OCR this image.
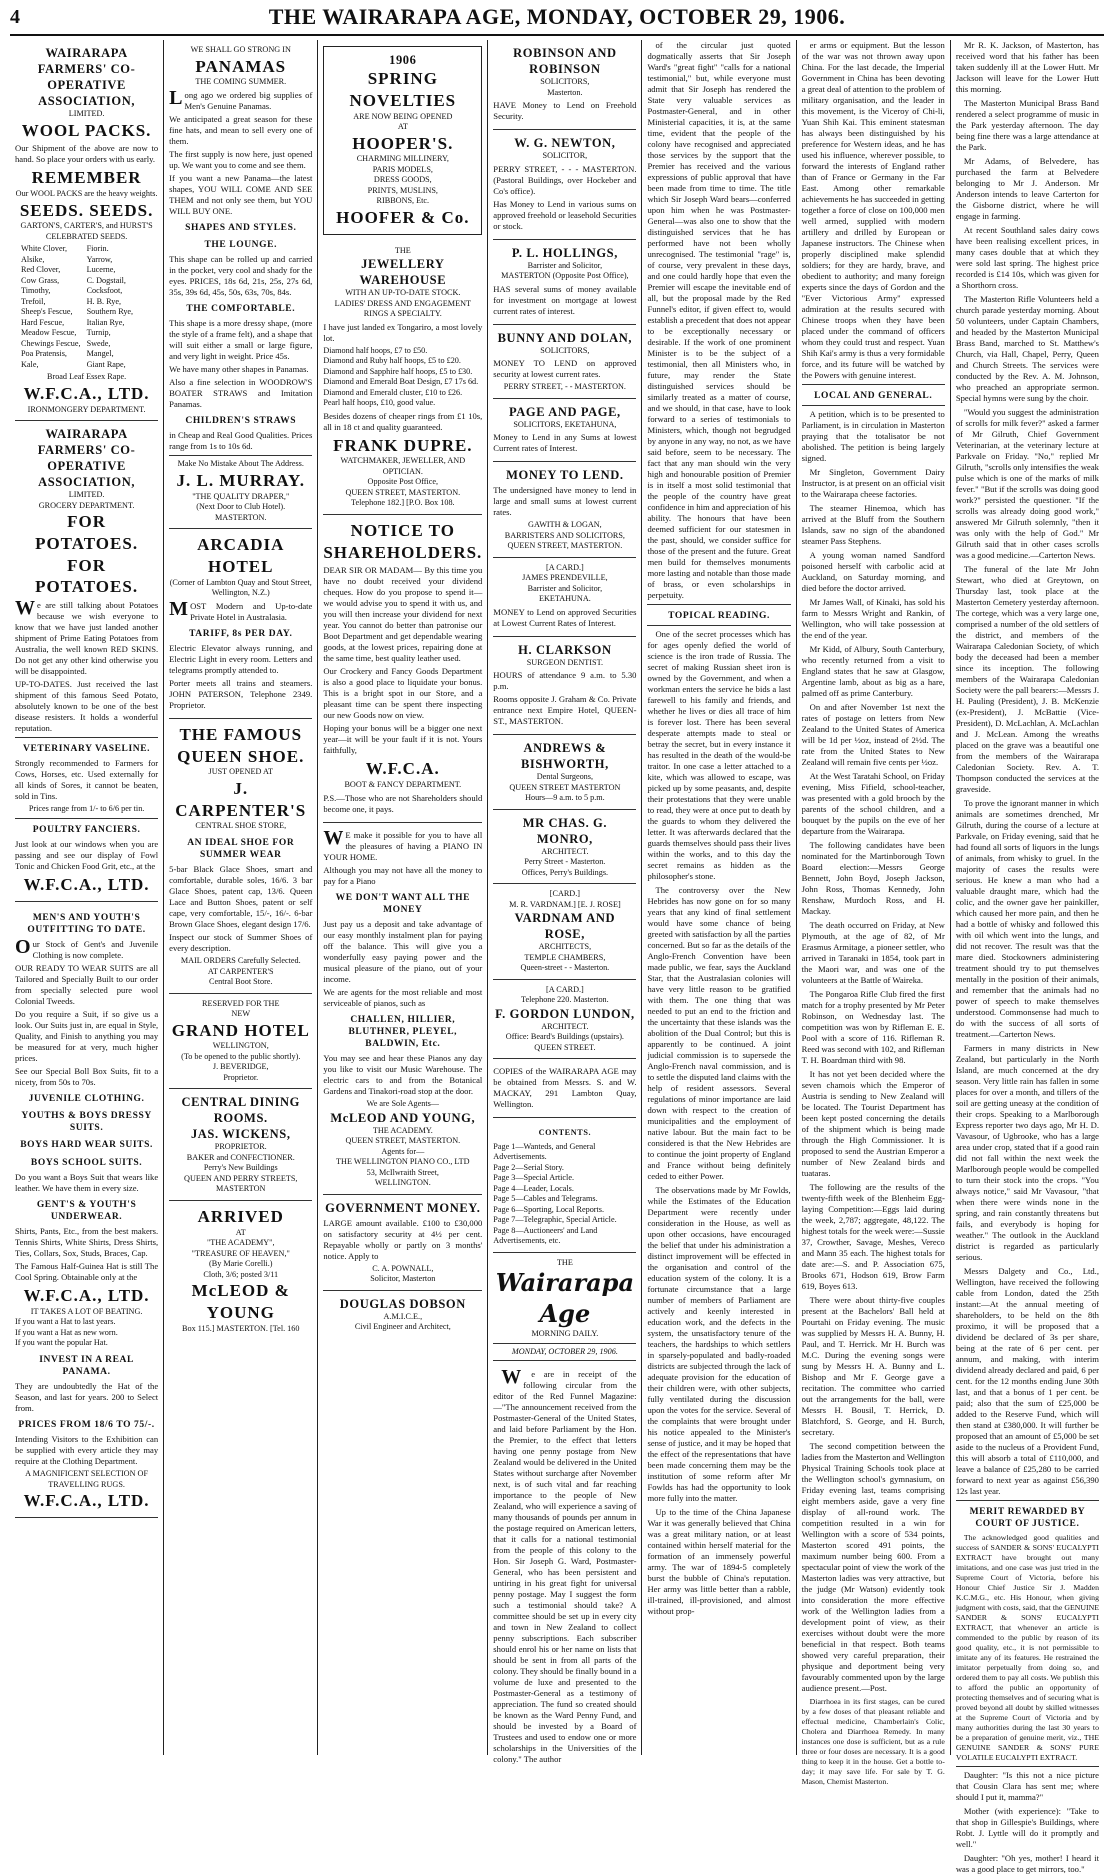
4	THE WAIRARAPA AGE, MONDAY, OCTOBER 29, 1906.
WAIRARAPA FARMERS' CO-OPERATIVE ASSOCIATION,
LIMITED.
WOOL PACKS.
Our Shipment of the above are now to hand. So place your orders with us early.
REMEMBER
Our WOOL PACKS are the heavy weights.
SEEDS. SEEDS.
GARTON'S, CARTER'S, and HURST'S CELEBRATED SEEDS.
White Clover,	Fiorin.
Alsike,	Yarrow,
Red Clover,	Lucerne,
Cow Grass,	C. Dogstail,
Timothy,	Cocksfoot,
Trefoil,	H. B. Rye,
Sheep's Fescue,	Southern Rye,
Hard Fescue,	Italian Rye,
Meadow Fescue,	Turnip,
Chewings Fescue, Swede,
Poa Pratensis,	Mangel,
Kale,	Giant Rape,
Broad Leaf Essex Rape.
W.F.C.A., LTD.
IRONMONGERY DEPARTMENT.
WAIRARAPA FARMERS' CO-OPERATIVE ASSOCIATION,
LIMITED.
GROCERY DEPARTMENT.
FOR POTATOES.
FOR POTATOES.
We are still talking about Potatoes because we wish everyone to know that we have just landed another shipment of Prime Eating Potatoes from Australia, the well known RED SKINS. Do not get any other kind otherwise you will be disappointed.
UP-TO-DATES. Just received the last shipment of this famous Seed Potato, absolutely known to be one of the best disease resisters. It holds a wonderful reputation.
VETERINARY VASELINE.
Strongly recommended to Farmers for Cows, Horses, etc. Used externally for all kinds of Sores, it cannot be beaten, sold in Tins.
Prices range from 1/- to 6/6 per tin.
POULTRY FANCIERS.
Just look at our windows when you are passing and see our display of Fowl Tonic and Chicken Food Grit, etc., at the
W.F.C.A., LTD.
MEN'S AND YOUTH'S OUTFITTING TO DATE.
Our Stock of Gent's and Juvenile Clothing is now complete.
OUR READY TO WEAR SUITS are all Tailored and Specially Built to our order from specially selected pure wool Colonial Tweeds.
Do you require a Suit, if so give us a look. Our Suits just in, are equal in Style, Quality, and Finish to anything you may be measured for at very, much higher prices.
See our Special Boll Box Suits, fit to a nicety, from 50s to 70s.
JUVENILE CLOTHING.
YOUTHS & BOYS DRESSY SUITS.
BOYS HARD WEAR SUITS.
BOYS SCHOOL SUITS.
Do you want a Boys Suit that wears like leather. We have them in every size.
GENT'S & YOUTH'S UNDERWEAR.
Shirts, Pants, Etc., from the best makers. Tennis Shirts, White Shirts, Dress Shirts, Ties, Collars, Sox, Studs, Braces, Cap.
The Famous Half-Guinea Hat is still The Cool Spring. Obtainable only at the
W.F.C.A., LTD.
IT TAKES A LOT OF BEATING.
If you want a Hat to last years.
If you want a Hat as new worn.
If you want the popular Hat.
INVEST IN A REAL PANAMA.
They are undoubtedly the Hat of the Season, and last for years. 200 to Select from.
PRICES FROM 18/6 TO 75/-.
Intending Visitors to the Exhibition can be supplied with every article they may require at the Clothing Department.
A MAGNIFICENT SELECTION OF TRAVELLING RUGS.
W.F.C.A., LTD.
WE SHALL GO STRONG IN
PANAMAS
THE COMING SUMMER.
Long ago we ordered big supplies of Men's Genuine Panamas.
We anticipated a great season for these fine hats, and mean to sell every one of them.
The first supply is now here, just opened up. We want you to come and see them.
If you want a new Panama—the latest shapes, YOU WILL COME AND SEE THEM and not only see them, but YOU WILL BUY ONE.
SHAPES AND STYLES.
THE LOUNGE.
This shape can be rolled up and carried in the pocket, very cool and shady for the eyes. PRICES, 18s 6d, 21s, 25s, 27s 6d, 35s, 39s 6d, 45s, 50s, 63s, 70s, 84s.
THE COMFORTABLE.
This shape is a more dressy shape, (more the style of a frame felt), and a shape that will suit either a small or large figure, and very light in weight. Price 45s.
We have many other shapes in Panamas.
Also a fine selection in WOODROW'S BOATER STRAWS and Imitation Panamas.
CHILDREN'S STRAWS
in Cheap and Real Good Qualities. Prices range from 1s to 10s 6d.
Make No Mistake About The Address.
J. L. MURRAY.
"THE QUALITY DRAPER,"
(Next Door to Club Hotel).
MASTERTON.
ARCADIA HOTEL
(Corner of Lambton Quay and Stout Street, Wellington, N.Z.)
MOST Modern and Up-to-date Private Hotel in Australasia.
TARIFF, 8s PER DAY.
Electric Elevator always running, and Electric Light in every room. Letters and telegrams promptly attended to.
Porter meets all trains and steamers. JOHN PATERSON, Telephone 2349. Proprietor.
THE FAMOUS QUEEN SHOE.
JUST OPENED AT
J. CARPENTER'S
CENTRAL SHOE STORE,
AN IDEAL SHOE FOR SUMMER WEAR
5-bar Black Glace Shoes, smart and comfortable, durable soles, 16/6. 3 bar Glace Shoes, patent cap, 13/6. Queen Lace and Button Shoes, patent or self cape, very comfortable, 15/-, 16/-. 6-bar Brown Glace Shoes, elegant design 17/6.
Inspect our stock of Summer Shoes of every description.
MAIL ORDERS Carefully Selected.
AT CARPENTER'S
Central Boot Store.
RESERVED FOR THE
NEW
GRAND HOTEL
WELLINGTON,
(To be opened to the public shortly).
J. BEVERIDGE,
Proprietor.
CENTRAL DINING ROOMS.
JAS. WICKENS,
PROPRIETOR.
BAKER and CONFECTIONER.
Perry's New Buildings
QUEEN AND PERRY STREETS,
MASTERTON
ARRIVED
AT
"THE ACADEMY",
"TREASURE OF HEAVEN,"
(By Marie Corelli.)
Cloth, 3/6; posted 3/11
McLEOD & YOUNG
Box 115.] MASTERTON. [Tel. 160
1906
SPRING
NOVELTIES
ARE NOW BEING OPENED
AT
HOOPER'S.
CHARMING MILLINERY,
PARIS MODELS,
DRESS GOODS,
PRINTS, MUSLINS,
RIBBONS, Etc.
HOOFER & Co.
THE
JEWELLERY WAREHOUSE
WITH AN UP-TO-DATE STOCK.
LADIES' DRESS AND ENGAGEMENT RINGS A SPECIALTY.
I have just landed ex Tongariro, a most lovely lot.
Diamond half hoops, £7 to £50.
Diamond and Ruby half hoops, £5 to £20.
Diamond and Sapphire half hoops, £5 to £30.
Diamond and Emerald Boat Design, £7 17s 6d.
Diamond and Emerald cluster, £10 to £26.
Pearl half hoops, £10, good value.
Besides dozens of cheaper rings from £1 10s, all in 18 ct and quality guaranteed.
FRANK DUPRE.
WATCHMAKER, JEWELLER, AND OPTICIAN.
Opposite Post Office,
QUEEN STREET, MASTERTON.
Telephone 182.] [P.O. Box 108.
NOTICE TO SHAREHOLDERS.
DEAR SIR OR MADAM— By this time you have no doubt received your dividend cheques. How do you propose to spend it—we would advise you to spend it with us, and you will then increase your dividend for next year. You cannot do better than patronise our Boot Department and get dependable wearing goods, at the lowest prices, repairing done at the same time, best quality leather used.
Our Crockery and Fancy Goods Department is also a good place to liquidate your bonus. This is a bright spot in our Store, and a pleasant time can be spent there inspecting our new Goods now on view.
Hoping your bonus will be a bigger one next year—it will be your fault if it is not. Yours faithfully,
W.F.C.A.
BOOT & FANCY DEPARTMENT.
P.S.—Those who are not Shareholders should become one, it pays.
WE make it possible for you to have all the pleasures of having a PIANO IN YOUR HOME.
Although you may not have all the money to pay for a Piano
WE DON'T WANT ALL THE MONEY
Just pay us a deposit and take advantage of our easy monthly instalment plan for paying off the balance. This will give you a wonderfully easy paying power and the musical pleasure of the piano, out of your income.
We are agents for the most reliable and most serviceable of pianos, such as
CHALLEN, HILLIER, BLUTHNER, PLEYEL, BALDWIN, Etc.
You may see and hear these Pianos any day you like to visit our Music Warehouse. The electric cars to and from the Botanical Gardens and Tinakori-road stop at the door.
We are Sole Agents—
McLEOD AND YOUNG,
THE ACADEMY.
QUEEN STREET, MASTERTON.
Agents for—
THE WELLINGTON PIANO CO., LTD
53, McIlwraith Street,
WELLINGTON.
GOVERNMENT MONEY.
LARGE amount available. £100 to £30,000 on satisfactory security at 4½ per cent. Repayable wholly or partly on 3 months' notice. Apply to
C. A. POWNALL,
Solicitor, Masterton
DOUGLAS DOBSON
A.M.I.C.E.,
Civil Engineer and Architect,
ROBINSON AND ROBINSON
SOLICITORS,
Masterton.
HAVE Money to Lend on Freehold Security.
W. G. NEWTON,
SOLICITOR,
PERRY STREET, - - - MASTERTON. (Pastoral Buildings, over Hockeber and Co's office).
Has Money to Lend in various sums on approved freehold or leasehold Securities or stock.
P. L. HOLLINGS,
Barrister and Solicitor,
MASTERTON (Opposite Post Office),
HAS several sums of money available for investment on mortgage at lowest current rates of interest.
BUNNY AND DOLAN,
SOLICITORS,
MONEY TO LEND on approved security at lowest current rates.
PERRY STREET, - - MASTERTON.
PAGE AND PAGE,
SOLICITORS, EKETAHUNA,
Money to Lend in any Sums at lowest Current rates of Interest.
MONEY TO LEND.
The undersigned have money to lend in large and small sums at lowest current rates.
GAWITH & LOGAN,
BARRISTERS AND SOLICITORS,
QUEEN STREET, MASTERTON.
[A CARD.]
JAMES PRENDEVILLE,
Barrister and Solicitor,
EKETAHUNA.
MONEY to Lend on approved Securities at Lowest Current Rates of Interest.
H. CLARKSON
SURGEON DENTIST.
HOURS of attendance 9 a.m. to 5.30 p.m.
Rooms opposite J. Graham & Co. Private entrance next Empire Hotel, QUEEN-ST., MASTERTON.
ANDREWS & BISHWORTH,
Dental Surgeons,
QUEEN STREET MASTERTON
Hours—9 a.m. to 5 p.m.
MR CHAS. G. MONRO,
ARCHITECT.
Perry Street - Masterton.
Offices, Perry's Buildings.
[CARD.]
M. R. VARDNAM.] [E. J. ROSE]
VARDNAM AND ROSE,
ARCHITECTS,
TEMPLE CHAMBERS,
Queen-street - - Masterton.
[A CARD.]
Telephone 220. Masterton.
F. GORDON LUNDON,
ARCHITECT.
Office: Beard's Buildings (upstairs).
QUEEN STREET.
COPIES of the WAIRARAPA AGE may be obtained from Messrs. S. and W. MACKAY, 291 Lambton Quay, Wellington.
CONTENTS.
Page 1—Wanteds, and General Advertisements.
Page 2—Serial Story.
Page 3—Special Article.
Page 4—Leader, Locals.
Page 5—Cables and Telegrams.
Page 6—Sporting, Local Reports.
Page 7—Telegraphic, Special Article.
Page 8—Auctioneers' and Land Advertisements, etc.
THE
Wairarapa Age
MORNING DAILY.
MONDAY, OCTOBER 29, 1906.

We are in receipt of the following circular from the editor of the Red Funnel Magazine:—"The announcement received from the Postmaster-General of the United States, and laid before Parliament by the Hon. the Premier, to the effect that letters having one penny postage from New Zealand would be delivered in the United States without surcharge after November next, is of such vital and far reaching importance to the people of New Zealand, who will experience a saving of many thousands of pounds per annum in the postage required on American letters, that it calls for a national testimonial from the people of this colony to the Hon. Sir Joseph G. Ward, Postmaster-General, who has been persistent and untiring in his great fight for universal penny postage. May I suggest the form such a testimonial should take? A committee should be set up in every city and town in New Zealand to collect penny subscriptions. Each subscriber should enrol his or her name on lists that should be sent in from all parts of the colony. They should be finally bound in a volume de luxe and presented to the Postmaster-General as a testimony of appreciation. The fund so created should be known as the Ward Penny Fund, and should be invested by a Board of Trustees and used to endow one or more scholarships in the Universities of the colony." The author

of the circular just quoted dogmatically asserts that Sir Joseph Ward's "great fight" "calls for a national testimonial," but, while everyone must admit that Sir Joseph has rendered the State very valuable services as Postmaster-General, and in other Ministerial capacities, it is, at the same time, evident that the people of the colony have recognised and appreciated those services by the support that the Premier has received and the various expressions of public approval that have been made from time to time. The title which Sir Joseph Ward bears—conferred upon him when he was Postmaster-General—was also one to show that the distinguished services that he has performed have not been wholly unrecognised. The testimonial "rage" is, of course, very prevalent in these days, and one could hardly hope that even the Premier will escape the inevitable end of all, but the proposal made by the Red Funnel's editor, if given effect to, would establish a precedent that does not appear to be exceptionally necessary or desirable. If the work of one prominent Minister is to be the subject of a testimonial, then all Ministers who, in future, may render the State distinguished services should be similarly treated as a matter of course, and we should, in that case, have to look forward to a series of testimonials to Ministers, which, though not begrudged by anyone in any way, no not, as we have said before, seem to be necessary. The fact that any man should win the very high and honourable position of Premier is in itself a most solid testimonial that the people of the country have great confidence in him and appreciation of his ability. The honours that have been deemed sufficient for our statesmen in the past, should, we consider suffice for those of the present and the future. Great men build for themselves monuments more lasting and notable than those made of brass, or even scholarships in perpetuity.

TOPICAL READING.

One of the secret processes which has for ages openly defied the world of science is the iron trade of Russia. The secret of making Russian sheet iron is owned by the Government, and when a workman enters the service he bids a last farewell to his family and friends, and whether he lives or dies all trace of him is forever lost. There has been several desperate attempts made to steal or betray the secret, but in every instance it has resulted in the death of the would-be traitor. In one case a letter attached to a kite, which was allowed to escape, was picked up by some peasants, and, despite their protestations that they were unable to read, they were at once put to death by the guards to whom they delivered the letter. It was afterwards declared that the guards themselves should pass their lives within the works, and to this day the secret remains as hidden as the philosopher's stone.

The controversy over the New Hebrides has now gone on for so many years that any kind of final settlement would have some chance of being greeted with satisfaction by all the parties concerned. But so far as the details of the Anglo-French Convention have been made public, we fear, says the Auckland Star, that the Australasian colonies will have very little reason to be gratified with them. The one thing that was needed to put an end to the friction and the uncertainty that these islands was the abolition of the Dual Control; but this is apparently to be continued. A joint judicial commission is to supersede the Anglo-French naval commission, and is to settle the disputed land claims with the help of resident assessors. Several regulations of minor importance are laid down with respect to the creation of municipalities and the employment of native labour. But the main fact to be considered is that the New Hebrides are to continue the joint property of England and France without being definitely ceded to either Power.

The observations made by Mr Fowlds, while the Estimates of the Education Department were recently under consideration in the House, as well as upon other occasions, have encouraged the belief that under his administration a distinct improvement will be effected in the organisation and control of the education system of the colony. It is a fortunate circumstance that a large number of members of Parliament are actively and keenly interested in education work, and the defects in the system, the unsatisfactory tenure of the teachers, the hardships to which settlers in sparsely-populated and badly-roaded districts are subjected through the lack of adequate provision for the education of their children were, with other subjects, fully ventilated during the discussion upon the votes for the service. Several of the complaints that were brought under his notice appealed to the Minister's sense of justice, and it may be hoped that the effect of the representations that have been made concerning them may be the institution of some reform after Mr Fowlds has had the opportunity to look more fully into the matter.

Up to the time of the China Japanese War it was generally believed that China was a great military nation, or at least contained within herself material for the formation of an immensely powerful army. The war of 1894-5 completely burst the bubble of China's reputation. Her army was little better than a rabble, ill-trained, ill-provisioned, and almost without prop-

er arms or equipment. But the lesson of the war was not thrown away upon China. For the last decade, the Imperial Government in China has been devoting a great deal of attention to the problem of military organisation, and the leader in this movement, is the Viceroy of Chi-li, Yuan Shih Kai. This eminent statesman has always been distinguished by his preference for Western ideas, and he has used his influence, wherever possible, to forward the interests of England rather than of France or Germany in the Far East. Among other remarkable achievements he has succeeded in getting together a force of close on 100,000 men well armed, supplied with modern artillery and drilled by European or Japanese instructors. The Chinese when properly disciplined make splendid soldiers; for they are hardy, brave, and obedient to authority; and many foreign experts since the days of Gordon and the "Ever Victorious Army" expressed admiration at the results secured with Chinese troops when they have been placed under the command of officers whom they could trust and respect. Yuan Shih Kai's army is thus a very formidable force, and its future will be watched by the Powers with genuine interest.

LOCAL AND GENERAL.

A petition, which is to be presented to Parliament, is in circulation in Masterton praying that the totalisator be not abolished. The petition is being largely signed.

Mr Singleton, Government Dairy Instructor, is at present on an official visit to the Wairarapa cheese factories.

The steamer Hinemoa, which has arrived at the Bluff from the Southern Islands, saw no sign of the abandoned steamer Pass Stephens.

A young woman named Sandford poisoned herself with carbolic acid at Auckland, on Saturday morning, and died before the doctor arrived.

Mr James Wall, of Kinaki, has sold his farm to Messrs Wright and Rankin, of Wellington, who will take possession at the end of the year.

Mr Kidd, of Albury, South Canterbury, who recently returned from a visit to England states that he saw at Glasgow, Argentine lamb, about as big as a hare, palmed off as prime Canterbury.

On and after November 1st next the rates of postage on letters from New Zealand to the United States of America will be 1d per ½oz, instead of 2½d. The rate from the United States to New Zealand will remain five cents per ½oz.

At the West Taratahi School, on Friday evening, Miss Fifield, school-teacher, was presented with a gold brooch by the parents of the school children, and a bouquet by the pupils on the eve of her departure from the Wairarapa.

The following candidates have been nominated for the Martinborough Town Board election:—Messrs George Bennett, John Boyd, Joseph Jackson, John Ross, Thomas Kennedy, John Renshaw, Murdoch Ross, and H. Mackay.

The death occurred on Friday, at New Plymouth, at the age of 82, of Mr Erasmus Armitage, a pioneer settler, who arrived in Taranaki in 1854, took part in the Maori war, and was one of the volunteers at the Battle of Waireka.

The Pongaroa Rifle Club fired the first match for a trophy presented by Mr Peter Robinson, on Wednesday last. The competition was won by Rifleman E. E. Pool with a score of 116. Rifleman R. Reed was second with 102, and Rifleman T. H. Boardman third with 98.

It has not yet been decided where the seven chamois which the Emperor of Austria is sending to New Zealand will be located. The Tourist Department has been kept posted concerning the details of the shipment which is being made through the High Commissioner. It is proposed to send the Austrian Emperor a number of New Zealand birds and tuataras.

The following are the results of the twenty-fifth week of the Blenheim Egg-laying Competition:—Eggs laid during the week, 2,787; aggregate, 48,122. The highest totals for the week were:—Sussie 37, Crowther, Savage, Meshes, Vereco and Mann 35 each. The highest totals for date are:—S. and P. Association 675, Brooks 671, Hodson 619, Brow Farm 619, Boyes 613.

There were about thirty-five couples present at the Bachelors' Ball held at Pourtahi on Friday evening. The music was supplied by Messrs H. A. Bunny, H. Paul, and T. Herrick. Mr H. Burch was M.C. During the evening songs were sung by Messrs H. A. Bunny and L. Bishop and Mr F. George gave a recitation. The committee who carried out the arrangements for the ball, were Messrs H. Bousil, T. Herrick, D. Blatchford, S. George, and H. Burch, secretary.

The second competition between the ladies from the Masterton and Wellington Physical Training Schools took place at the Wellington school's gymnasium, on Friday evening last, teams comprising eight members aside, gave a very fine display of all-round work. The competition resulted in a win for Wellington with a score of 534 points, Masterton scored 491 points, the maximum number being 600. From a spectacular point of view the work of the Masterton ladies was very attractive, but the judge (Mr Watson) evidently took into consideration the more effective work of the Wellington ladies from a development point of view, as their exercises without doubt were the more beneficial in that respect. Both teams showed very careful preparation, their physique and deportment being very favourably commented upon by the large audience present.—Post.

Diarrhoea in its first stages, can be cured by a few doses of that pleasant reliable and effectual medicine, Chamberlain's Colic, Cholera and Diarrhoea Remedy. In many instances one dose is sufficient, but as a rule three or four doses are necessary. It is a good thing to keep it in the house. Get a bottle to-day; it may save life. For sale by T. G. Mason, Chemist Masterton.

Mr R. K. Jackson, of Masterton, has received word that his father has been taken suddenly ill at the Lower Hutt. Mr Jackson will leave for the Lower Hutt this morning.

The Masterton Municipal Brass Band rendered a select programme of music in the Park yesterday afternoon. The day being fine there was a large attendance at the Park.

Mr Adams, of Belvedere, has purchased the farm at Belvedere belonging to Mr J. Anderson. Mr Anderson intends to leave Carterton for the Gisborne district, where he will engage in farming.

At recent Southland sales dairy cows have been realising excellent prices, in many cases double that at which they were sold last spring. The highest price recorded is £14 10s, which was given for a Shorthorn cross.

The Masterton Rifle Volunteers held a church parade yesterday morning. About 50 volunteers, under Captain Chambers, and headed by the Masterton Municipal Brass Band, marched to St. Matthew's Church, via Hall, Chapel, Perry, Queen and Church Streets. The services were conducted by the Rev. A. M. Johnson, who preached an appropriate sermon. Special hymns were sung by the choir.

"Would you suggest the administration of scrolls for milk fever?" asked a farmer of Mr Gilruth, Chief Government Veterinarian, at the veterinary lecture at Parkvale on Friday. "No," replied Mr Gilruth, "scrolls only intensifies the weak pulse which is one of the marks of milk fever." "But if the scrolls was doing good work?" persisted the questioner. "If the scrolls was already doing good work," answered Mr Gilruth solemnly, "then it was only with the help of God." Mr Gilruth said that in other cases scrolls was a good medicine.—Carterton News.

The funeral of the late Mr John Stewart, who died at Greytown, on Thursday last, took place at the Masterton Cemetery yesterday afternoon. The cortege, which was a very large one, comprised a number of the old settlers of the district, and members of the Wairarapa Caledonian Society, of which body the deceased had been a member since its inception. The following members of the Wairarapa Caledonian Society were the pall bearers:—Messrs J. H. Pauling (President), J. B. McKenzie (ex-President), J. McBattie (Vice-President), D. McLachlan, A. McLachlan and J. McLean. Among the wreaths placed on the grave was a beautiful one from the members of the Wairarapa Caledonian Society. Rev. A. T. Thompson conducted the services at the graveside.

To prove the ignorant manner in which animals are sometimes drenched, Mr Gilruth, during the course of a lecture at Parkvale, on Friday evening, said that he had found all sorts of liquors in the lungs of animals, from whisky to gruel. In the majority of cases the results were serious. He knew a man who had a valuable draught mare, which had the colic, and the owner gave her painkiller, which caused her more pain, and then he had a bottle of whisky and followed this with oil which went into the lungs, and did not recover. The result was that the mare died. Stockowners administering treatment should try to put themselves mentally in the position of their animals, and remember that the animals had no power of speech to make themselves understood. Commonsense had much to do with the success of all sorts of treatment.—Carterton News.

Farmers in many districts in New Zealand, but particularly in the North Island, are much concerned at the dry season. Very little rain has fallen in some places for over a month, and tillers of the soil are getting uneasy at the condition of their crops. Speaking to a Marlborough Express reporter two days ago, Mr H. D. Vavasour, of Ugbrooke, who has a large area under crop, stated that if a good rain did not fall within the next week the Marlborough people would be compelled to turn their stock into the crops. "You always notice," said Mr Vavasour, "that when there were winds none in the spring, and rain constantly threatens but fails, and everybody is hoping for weather." The outlook in the Auckland district is regarded as particularly serious.

Messrs Dalgety and Co., Ltd., Wellington, have received the following cable from London, dated the 25th instant:—At the annual meeting of shareholders, to be held on the 8th proximo, it will be proposed that a dividend be declared of 3s per share, being at the rate of 6 per cent. per annum, and making, with interim dividend already declared and paid, 6 per cent. for the 12 months ending June 30th last, and that a bonus of 1 per cent. be paid; also that the sum of £25,000 be added to the Reserve Fund, which will then stand at £380,000. It will further be proposed that an amount of £5,000 be set aside to the nucleus of a Provident Fund, this will absorb a total of £110,000, and leave a balance of £25,280 to be carried forward to next year as against £56,390 12s last year.

MERIT REWARDED BY COURT OF JUSTICE.

The acknowledged good qualities and success of SANDER & SONS' EUCALYPTI EXTRACT have brought out many imitations, and one case was just tried in the Supreme Court of Victoria, before his Honour Chief Justice Sir J. Madden K.C.M.G., etc. His Honour, when giving judgment with costs, said, that the GENUINE SANDER & SONS' EUCALYPTI EXTRACT, that whenever an article is commended to the public by reason of its good quality, etc., it is not permissible to imitate any of its features. He restrained the imitator perpetually from doing so, and ordered them to pay all costs. We publish this to afford the public an opportunity of protecting themselves and of securing what is proved beyond all doubt by skilled witnesses at the Supreme Court of Victoria and by many authorities during the last 30 years to be a preparation of genuine merit, viz., THE GENUINE SANDER & SONS' PURE VOLATILE EUCALYPTI EXTRACT.

Daughter: "Is this not a nice picture that Cousin Clara has sent me; where should I put it, mamma?"

Mother (with experience): "Take to that shop in Gillespie's Buildings, where Robt. J. Lyttle will do it promptly and well."

Daughter: "Oh yes, mother! I heard it was a good place to get mirrors, too."
